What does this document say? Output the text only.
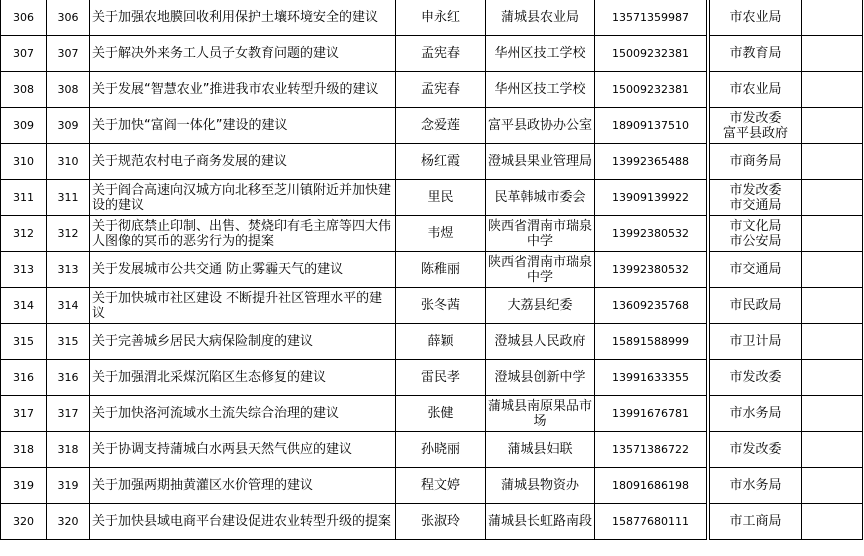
306	306	关于加强农地膜回收利用保护土壤环境安全的建议	申永红	蒲城县农业局	13571359987		市农业局	
307	307	关于解决外来务工人员子女教育问题的建议	孟宪春	华州区技工学校	15009232381		市教育局	
308	308	关于发展“智慧农业”推进我市农业转型升级的建议	孟宪春	华州区技工学校	15009232381		市农业局	
309	309	关于加快“富阎一体化”建设的建议	念爱莲	富平县政协办公室	18909137510		市发改委
富平县政府	
310	310	关于规范农村电子商务发展的建议	杨红霞	澄城县果业管理局	13992365488		市商务局	
311	311	关于阎合高速向汉城方向北移至芝川镇附近并加快建设的建议	里民	民革韩城市委会	13909139922		市发改委
市交通局	
312	312	关于彻底禁止印制、出售、焚烧印有毛主席等四大伟人图像的冥币的恶劣行为的提案	韦煜	陕西省渭南市瑞泉中学	13992380532		市文化局
市公安局	
313	313	关于发展城市公共交通 防止雾霾天气的建议	陈稚丽	陕西省渭南市瑞泉中学	13992380532		市交通局	
314	314	关于加快城市社区建设 不断提升社区管理水平的建议	张冬茜	大荔县纪委	13609235768		市民政局	
315	315	关于完善城乡居民大病保险制度的建议	薛颖	澄城县人民政府	15891588999		市卫计局	
316	316	关于加强渭北采煤沉陷区生态修复的建议	雷民孝	澄城县创新中学	13991633355		市发改委	
317	317	关于加快洛河流域水土流失综合治理的建议	张健	蒲城县南原果品市场	13991676781		市水务局	
318	318	关于协调支持蒲城白水两县天然气供应的建议	孙晓丽	蒲城县妇联	13571386722		市发改委	
319	319	关于加强两期抽黄灌区水价管理的建议	程文婷	蒲城县物资办	18091686198		市水务局	
320	320	关于加快县域电商平台建设促进农业转型升级的提案	张淑玲	蒲城县长虹路南段	15877680111		市工商局	
